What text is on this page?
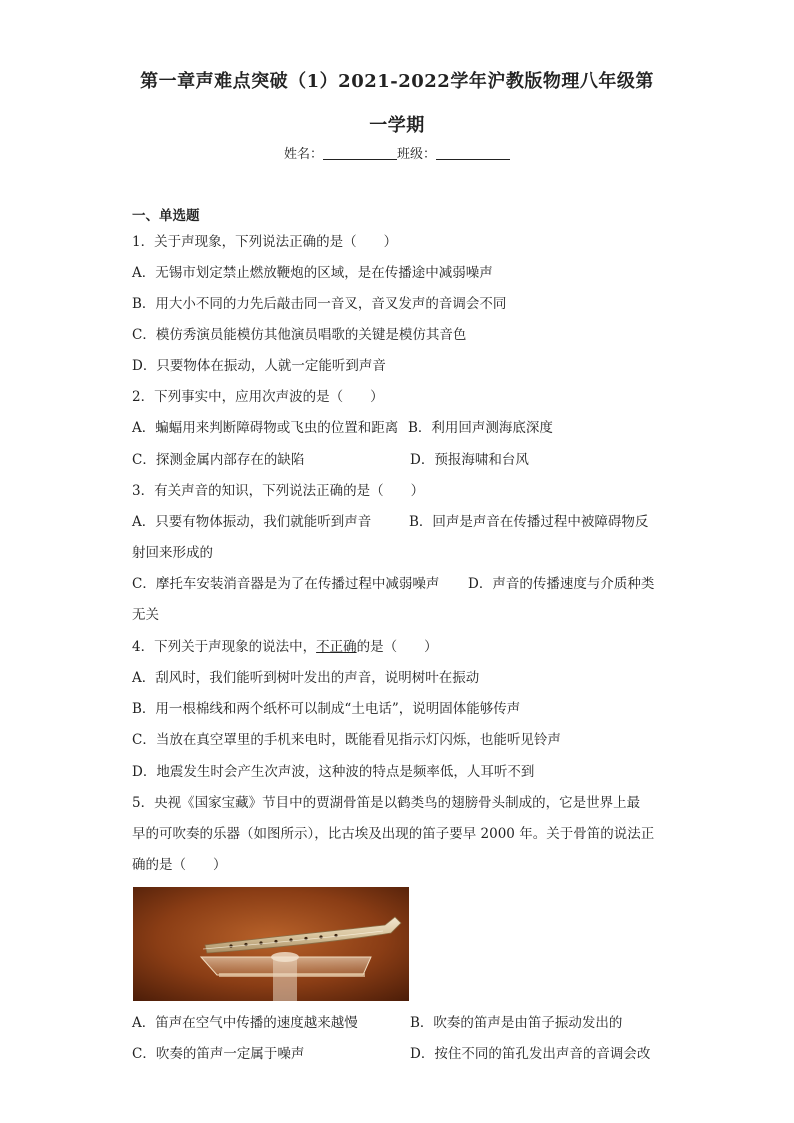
第一章声难点突破（1）2021-2022学年沪教版物理八年级第
一学期
姓名：	班级：
一、单选题
1．关于声现象，下列说法正确的是（　　）
A．无锡市划定禁止燃放鞭炮的区域，是在传播途中减弱噪声
B．用大小不同的力先后敲击同一音叉，音叉发声的音调会不同
C．模仿秀演员能模仿其他演员唱歌的关键是模仿其音色
D．只要物体在振动，人就一定能听到声音
2．下列事实中，应用次声波的是（　　）
A．蝙蝠用来判断障碍物或飞虫的位置和距离 B．利用回声测海底深度
C．探测金属内部存在的缺陷	D．预报海啸和台风
3．有关声音的知识，下列说法正确的是（　　）
A．只要有物体振动，我们就能听到声音	B．回声是声音在传播过程中被障碍物反
射回来形成的
C．摩托车安装消音器是为了在传播过程中减弱噪声 D．声音的传播速度与介质种类
无关
4．下列关于声现象的说法中，不正确的是（　　）
A．刮风时，我们能听到树叶发出的声音，说明树叶在振动
B．用一根棉线和两个纸杯可以制成“土电话”，说明固体能够传声
C．当放在真空罩里的手机来电时，既能看见指示灯闪烁，也能听见铃声
D．地震发生时会产生次声波，这种波的特点是频率低，人耳听不到
5．央视《国家宝藏》节目中的贾湖骨笛是以鹤类鸟的翅膀骨头制成的，它是世界上最
早的可吹奏的乐器（如图所示），比古埃及出现的笛子要早 2000 年。关于骨笛的说法正
确的是（　　）
A．笛声在空气中传播的速度越来越慢	B．吹奏的笛声是由笛子振动发出的
C．吹奏的笛声一定属于噪声	D．按住不同的笛孔发出声音的音调会改
